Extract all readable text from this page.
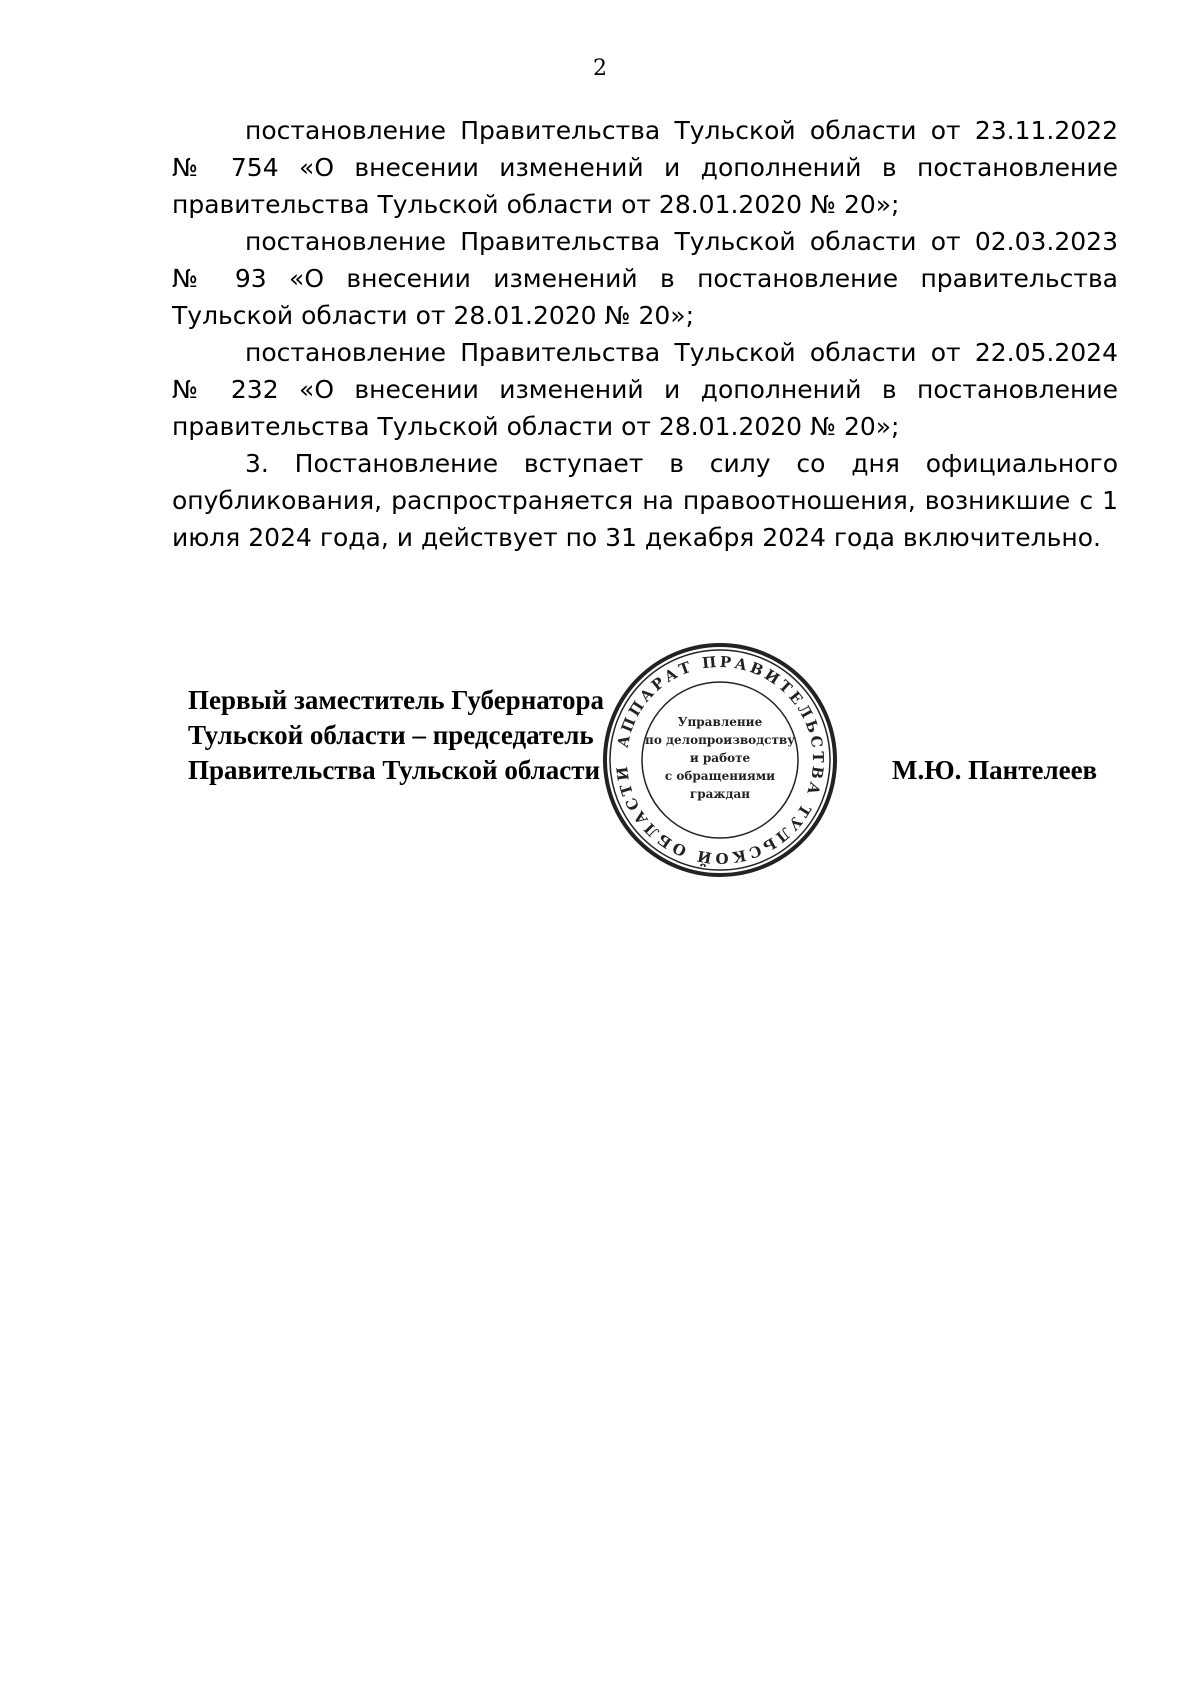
2

постановление Правительства Тульской области от 23.11.2022 № 754 «О внесении изменений и дополнений в постановление правительства Тульской области от 28.01.2020 № 20»;

постановление Правительства Тульской области от 02.03.2023 № 93 «О внесении изменений в постановление правительства Тульской области от 28.01.2020 № 20»;

постановление Правительства Тульской области от 22.05.2024 № 232 «О внесении изменений и дополнений в постановление правительства Тульской области от 28.01.2020 № 20»;

3. Постановление вступает в силу со дня официального опубликования, распространяется на правоотношения, возникшие с 1 июля 2024 года, и действует по 31 декабря 2024 года включительно.

Первый заместитель Губернатора
Тульской области – председатель
Правительства Тульской области	М.Ю. Пантелеев
АППАРАТ ПРАВИТЕЛЬСТВА ТУЛЬСКОЙ ОБЛАСТИ
Управление
по делопроизводству
и работе
с обращениями
граждан
